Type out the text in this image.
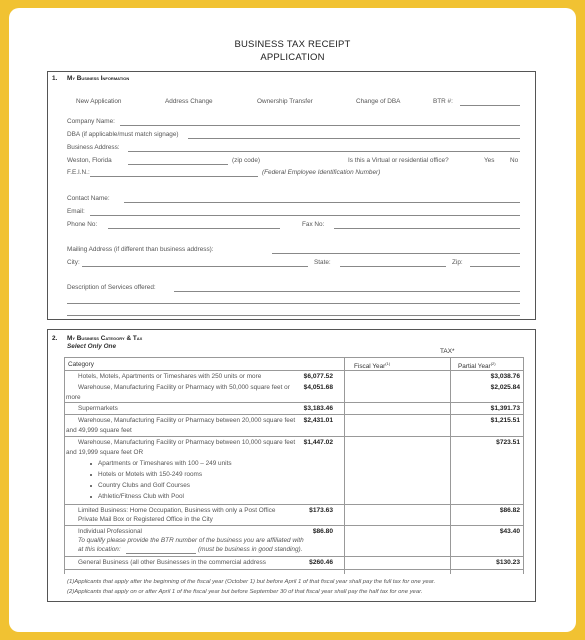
BUSINESS TAX RECEIPT
APPLICATION
1. My Business Information
New Application	Address Change	Ownership Transfer	Change of DBA	BTR #:
Company Name:
DBA (if applicable/must match signage)
Business Address:
Weston, Florida	(zip code)	Is this a Virtual or residential office?	Yes No
F.E.I.N.:	(Federal Employee Identification Number)
Contact Name:
Email:
Phone No:	Fax No:
Mailing Address (if different than business address):
City:	State:	Zip:
Description of Services offered:
2. My Business Category & Tax
Select Only One
TAX*
Category	Fiscal Year$^{(1)}$	Partial Year$^{(2)}$
Hotels, Motels, Apartments or Timeshares with 250 units or more	$6,077.52	$3,038.76
Warehouse, Manufacturing Facility or Pharmacy with 50,000 square feet or
more
$4,051.68	$2,025.84
Supermarkets	$3,183.46	$1,391.73
Warehouse, Manufacturing Facility or Pharmacy between 20,000 square feet
and 49,999 square feet
$2,431.01	$1,215.51
Warehouse, Manufacturing Facility or Pharmacy between 10,000 square feet
and 19,999 square feet OR
$1,447.02	$723.51
Apartments or Timeshares with 100 – 249 units
Hotels or Motels with 150-249 rooms
Country Clubs and Golf Courses
Athletic/Fitness Club with Pool
Limited Business: Home Occupation, Business with only a Post Office
Private Mail Box or Registered Office in the City
$173.63	$86.82
Individual Professional
To qualify please provide the BTR number of the business you are affiliated with
at this location:	(must be business in good standing).
$86.80	$43.40
General Business (all other Businesses in the commercial address	$260.46	$130.23
(1)Applicants that apply after the beginning of the fiscal year (October 1) but before April 1 of that fiscal year shall pay the full tax for one year.
(2)Applicants that apply on or after April 1 of the fiscal year but before September 30 of that fiscal year shall pay the half tax for one year.
